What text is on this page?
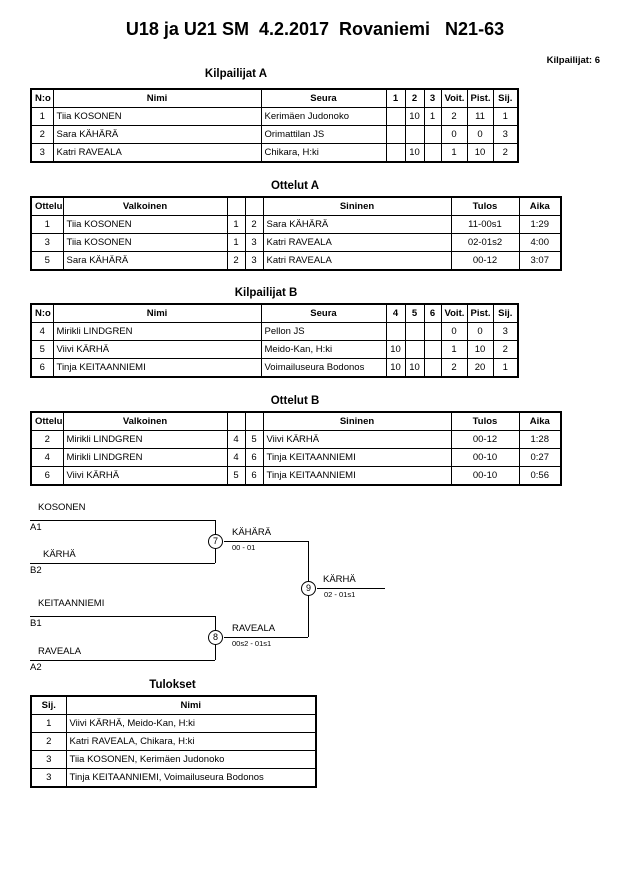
U18 ja U21 SM  4.2.2017  Rovaniemi   N21-63
Kilpailijat: 6
Kilpailijat A
N:o	Nimi	Seura	1	2	3	Voit.	Pist.	Sij.
1	Tiia KOSONEN	Kerimäen Judonoko		10	1	2	11	1
2	Sara KÄHÄRÄ	Orimattilan JS				0	0	3
3	Katri RAVEALA	Chikara, H:ki		10		1	10	2
Ottelut A
Ottelu	Valkoinen			Sininen	Tulos	Aika
1	Tiia KOSONEN	1	2	Sara KÄHÄRÄ	11-00s1	1:29
3	Tiia KOSONEN	1	3	Katri RAVEALA	02-01s2	4:00
5	Sara KÄHÄRÄ	2	3	Katri RAVEALA	00-12	3:07
Kilpailijat B
N:o	Nimi	Seura	4	5	6	Voit.	Pist.	Sij.
4	Mirikli LINDGREN	Pellon JS				0	0	3
5	Viivi KÄRHÄ	Meido-Kan, H:ki	10			1	10	2
6	Tinja KEITAANNIEMI	Voimailuseura Bodonos	10	10		2	20	1
Ottelut B
Ottelu	Valkoinen			Sininen	Tulos	Aika
2	Mirikli LINDGREN	4	5	Viivi KÄRHÄ	00-12	1:28
4	Mirikli LINDGREN	4	6	Tinja KEITAANNIEMI	00-10	0:27
6	Viivi KÄRHÄ	5	6	Tinja KEITAANNIEMI	00-10	0:56
KOSONEN
A1
KÄRHÄ
B2
7
KÄHÄRÄ
00 - 01
KEITAANNIEMI
B1
RAVEALA
A2
8
RAVEALA
00s2 - 01s1
9
KÄRHÄ
02 - 01s1
Tulokset
Sij.	Nimi
1	Viivi KÄRHÄ, Meido-Kan, H:ki
2	Katri RAVEALA, Chikara, H:ki
3	Tiia KOSONEN, Kerimäen Judonoko
3	Tinja KEITAANNIEMI, Voimailuseura Bodonos
